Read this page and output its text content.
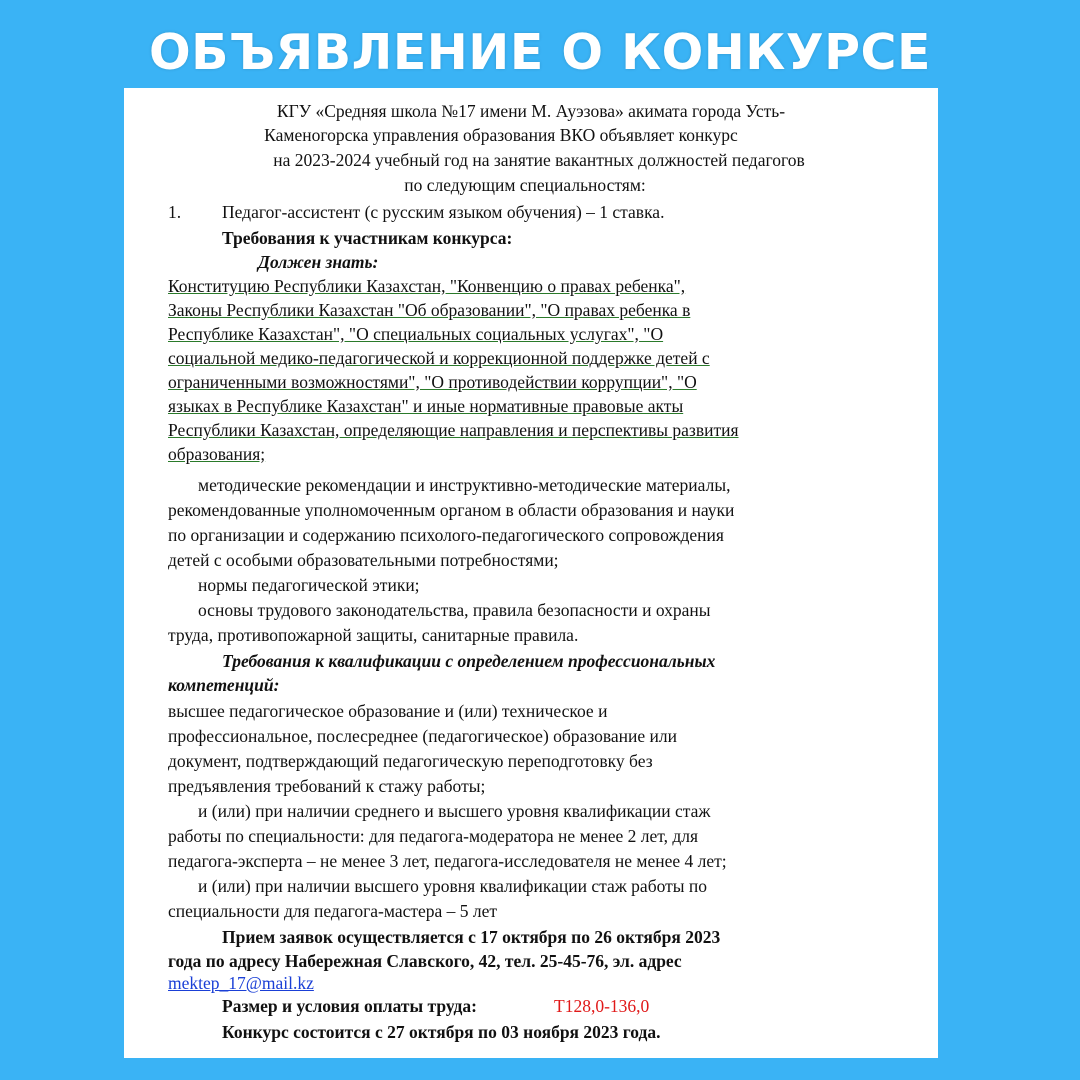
ОБЪЯВЛЕНИЕ О КОНКУРСЕ
КГУ «Средняя школа №17 имени М. Ауэзова» акимата города Усть-
Каменогорска управления образования ВКО объявляет конкурс
на 2023-2024 учебный год на занятие вакантных должностей педагогов
по следующим специальностям:
1. Педагог-ассистент (с русским языком обучения) – 1 ставка.
Требования к участникам конкурса:
Должен знать:
Конституцию Республики Казахстан, "Конвенцию о правах ребенка",
Законы Республики Казахстан "Об образовании", "О правах ребенка в
Республике Казахстан", "О специальных социальных услугах", "О
социальной медико-педагогической и коррекционной поддержке детей с
ограниченными возможностями", "О противодействии коррупции", "О
языках в Республике Казахстан" и иные нормативные правовые акты
Республики Казахстан, определяющие направления и перспективы развития
образования;
методические рекомендации и инструктивно-методические материалы,
рекомендованные уполномоченным органом в области образования и науки
по организации и содержанию психолого-педагогического сопровождения
детей с особыми образовательными потребностями;
нормы педагогической этики;
основы трудового законодательства, правила безопасности и охраны
труда, противопожарной защиты, санитарные правила.
Требования к квалификации с определением профессиональных
компетенций:
высшее педагогическое образование и (или) техническое и
профессиональное, послесреднее (педагогическое) образование или
документ, подтверждающий педагогическую переподготовку без
предъявления требований к стажу работы;
и (или) при наличии среднего и высшего уровня квалификации стаж
работы по специальности: для педагога-модератора не менее 2 лет, для
педагога-эксперта – не менее 3 лет, педагога-исследователя не менее 4 лет;
и (или) при наличии высшего уровня квалификации стаж работы по
специальности для педагога-мастера – 5 лет
Прием заявок осуществляется с 17 октября по 26 октября 2023
года по адресу Набережная Славского, 42, тел. 25-45-76, эл. адрес
mektep_17@mail.kz
Размер и условия оплаты труда:	Т128,0-136,0
Конкурс состоится с 27 октября по 03 ноября 2023 года.
